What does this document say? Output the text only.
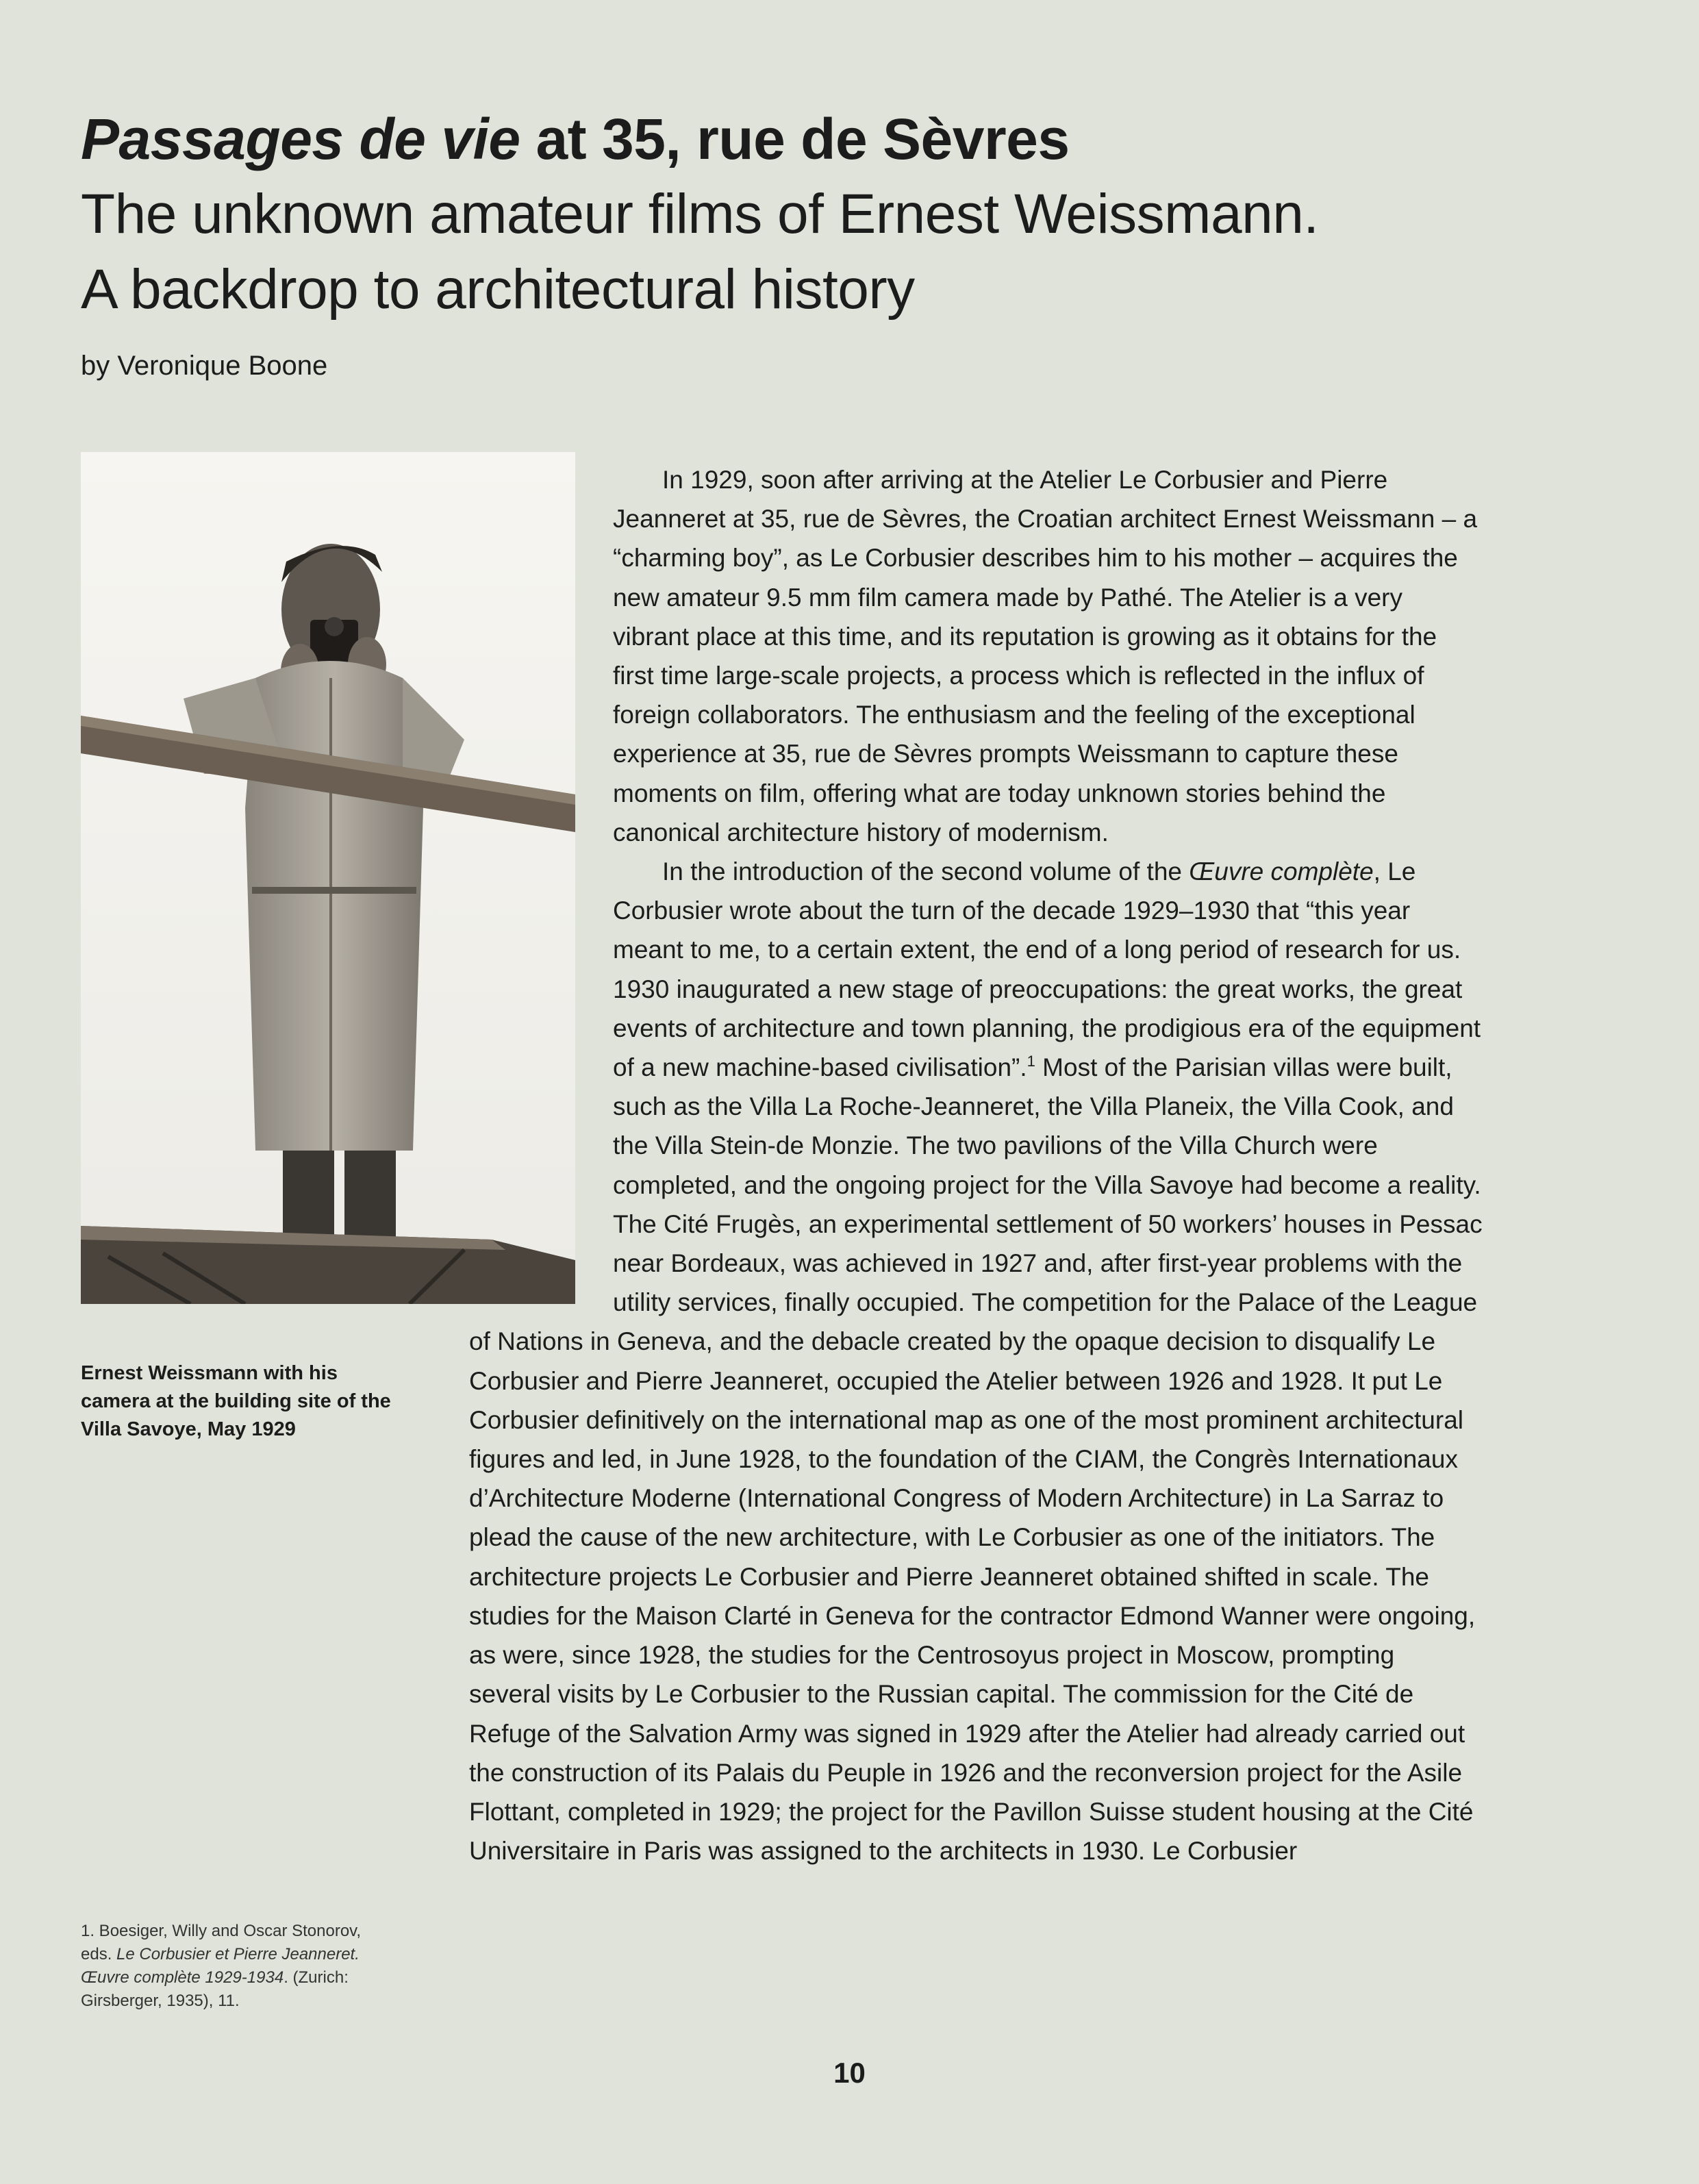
Passages de vie at 35, rue de Sèvres

The unknown amateur films of Ernest Weissmann.

A backdrop to architectural history

by Veronique Boone

Ernest Weissmann with his camera at the building site of the Villa Savoye, May 1929

1. Boesiger, Willy and Oscar Stonorov, eds. Le Corbusier et Pierre Jeanneret. Œuvre complète 1929-1934. (Zurich: Girsberger, 1935), 11.

In 1929, soon after arriving at the Atelier Le Corbusier and Pierre Jeanneret at 35, rue de Sèvres, the Croatian architect Ernest Weissmann – a “charming boy”, as Le Corbusier describes him to his mother – acquires the new amateur 9.5 mm film camera made by Pathé. The Atelier is a very vibrant place at this time, and its reputation is growing as it obtains for the first time large-scale projects, a process which is reflected in the influx of foreign collaborators. The enthusiasm and the feeling of the exceptional experience at 35, rue de Sèvres prompts Weissmann to capture these moments on film, offering what are today unknown stories behind the canonical architecture history of modernism.

In the introduction of the second volume of the Œuvre complète, Le Corbusier wrote about the turn of the decade 1929–1930 that “this year meant to me, to a certain extent, the end of a long period of research for us. 1930 inaugurated a new stage of preoccupations: the great works, the great events of architecture and town planning, the prodigious era of the equipment of a new machine-based civilisation”.$^1$ Most of the Parisian villas were built, such as the Villa La Roche-Jeanneret, the Villa Planeix, the Villa Cook, and the Villa Stein-de Monzie. The two pavilions of the Villa Church were completed, and the ongoing project for the Villa Savoye had become a reality. The Cité Frugès, an experimental settlement of 50 workers’ houses in Pessac near Bordeaux, was achieved in 1927 and, after first-year problems with the utility services, finally occupied. The competition for the Palace of the League of Nations in Geneva, and the debacle created by the opaque decision to disqualify Le Corbusier and Pierre Jeanneret, occupied the Atelier between 1926 and 1928. It put Le Corbusier definitively on the international map as one of the most prominent architectural figures and led, in June 1928, to the foundation of the CIAM, the Congrès Internationaux d’Architecture Moderne (International Congress of Modern Architecture) in La Sarraz to plead the cause of the new architecture, with Le Corbusier as one of the initiators. The architecture projects Le Corbusier and Pierre Jeanneret obtained shifted in scale. The studies for the Maison Clarté in Geneva for the contractor Edmond Wanner were ongoing, as were, since 1928, the studies for the Centrosoyus project in Moscow, prompting several visits by Le Corbusier to the Russian capital. The commission for the Cité de Refuge of the Salvation Army was signed in 1929 after the Atelier had already carried out the construction of its Palais du Peuple in 1926 and the reconversion project for the Asile Flottant, completed in 1929; the project for the Pavillon Suisse student housing at the Cité Universitaire in Paris was assigned to the architects in 1930. Le Corbusier

10
